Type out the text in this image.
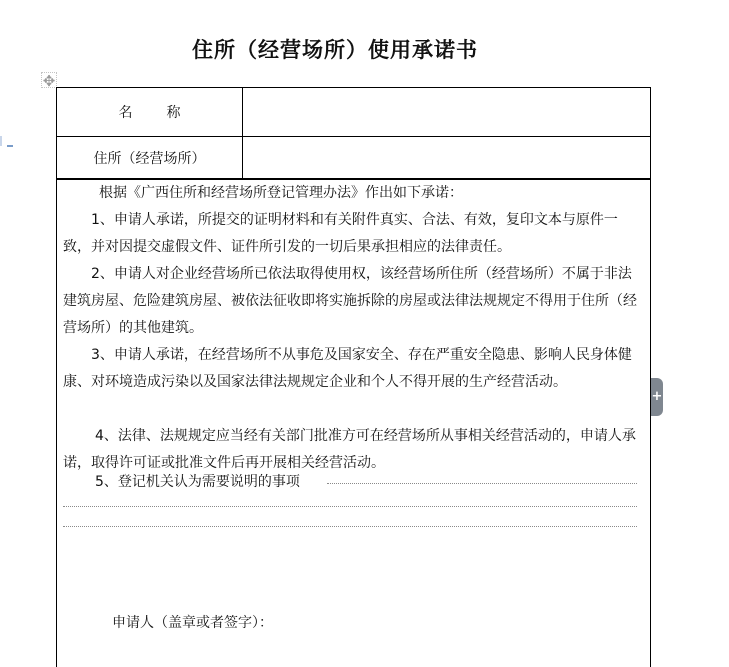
住所（经营场所）使用承诺书
✥
名 称
住所（经营场所）

根据《广西住所和经营场所登记管理办法》作出如下承诺：

1、申请人承诺，所提交的证明材料和有关附件真实、合法、有效，复印文本与原件一致，并对因提交虚假文件、证件所引发的一切后果承担相应的法律责任。

2、申请人对企业经营场所已依法取得使用权，该经营场所住所（经营场所）不属于非法建筑房屋、危险建筑房屋、被依法征收即将实施拆除的房屋或法律法规规定不得用于住所（经营场所）的其他建筑。

3、申请人承诺，在经营场所不从事危及国家安全、存在严重安全隐患、影响人民身体健康、对环境造成污染以及国家法律法规规定企业和个人不得开展的生产经营活动。

4、法律、法规规定应当经有关部门批准方可在经营场所从事相关经营活动的，申请人承诺，取得许可证或批准文件后再开展相关经营活动。

5、登记机关认为需要说明的事项

申请人（盖章或者签字）：
+
